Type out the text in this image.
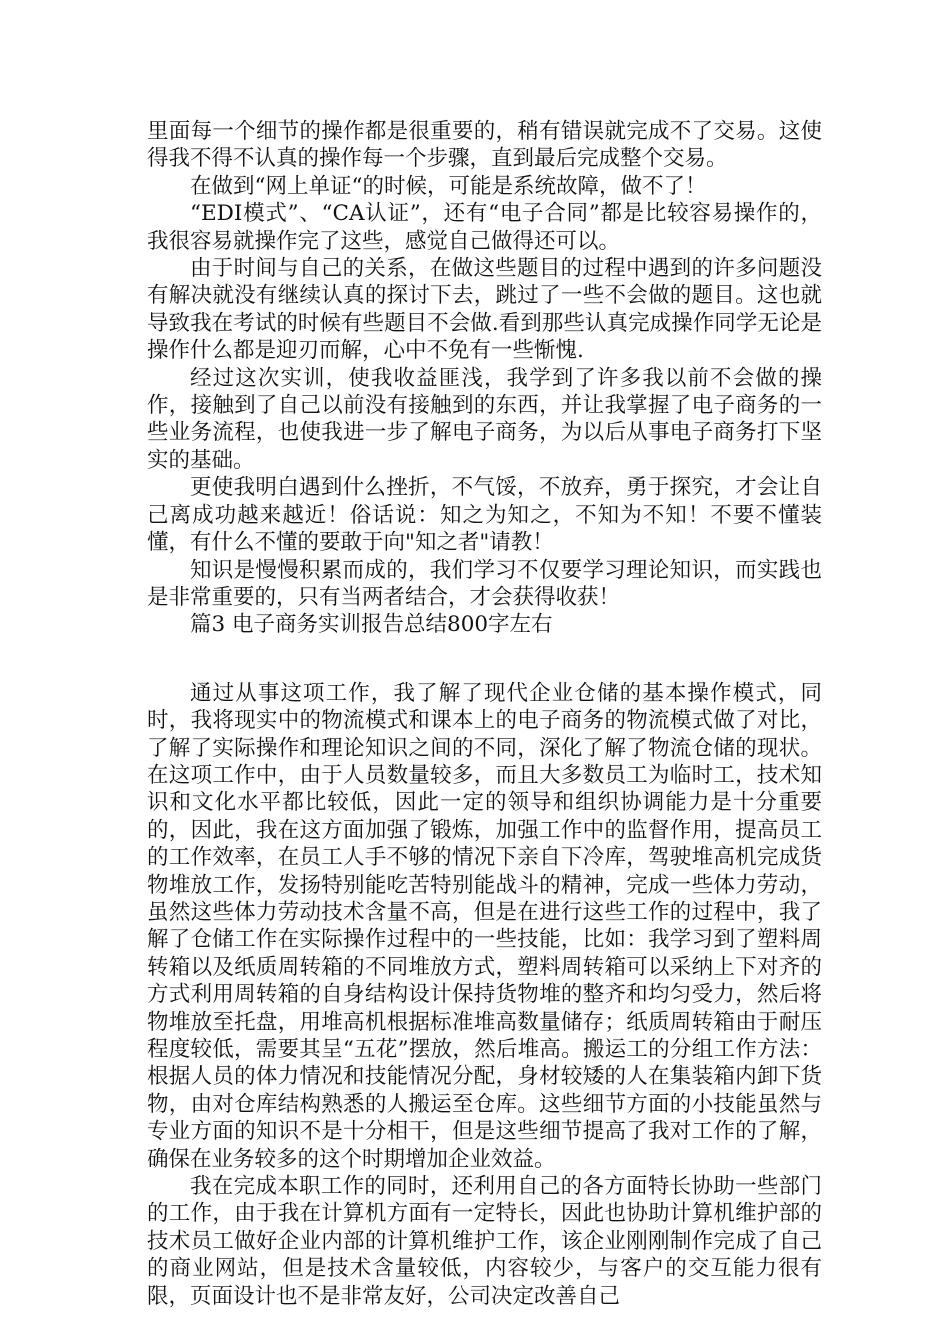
里面每一个细节的操作都是很重要的，稍有错误就完成不了交易。这使得我不得不认真的操作每一个步骤，直到最后完成整个交易。

在做到“网上单证“的时候，可能是系统故障，做不了！

“EDI模式”、“CA认证”，还有“电子合同”都是比较容易操作的，我很容易就操作完了这些，感觉自己做得还可以。

由于时间与自己的关系，在做这些题目的过程中遇到的许多问题没有解决就没有继续认真的探讨下去，跳过了一些不会做的题目。这也就导致我在考试的时候有些题目不会做.看到那些认真完成操作同学无论是操作什么都是迎刃而解，心中不免有一些惭愧.

经过这次实训，使我收益匪浅，我学到了许多我以前不会做的操作，接触到了自己以前没有接触到的东西，并让我掌握了电子商务的一些业务流程，也使我进一步了解电子商务，为以后从事电子商务打下坚实的基础。

更使我明白遇到什么挫折，不气馁，不放弃，勇于探究，才会让自己离成功越来越近！俗话说：知之为知之，不知为不知！不要不懂装懂，有什么不懂的要敢于向"知之者"请教！

知识是慢慢积累而成的，我们学习不仅要学习理论知识，而实践也是非常重要的，只有当两者结合，才会获得收获！

篇3 电子商务实训报告总结800字左右

通过从事这项工作，我了解了现代企业仓储的基本操作模式，同时，我将现实中的物流模式和课本上的电子商务的物流模式做了对比，了解了实际操作和理论知识之间的不同，深化了解了物流仓储的现状。在这项工作中，由于人员数量较多，而且大多数员工为临时工，技术知识和文化水平都比较低，因此一定的领导和组织协调能力是十分重要的，因此，我在这方面加强了锻炼，加强工作中的监督作用，提高员工的工作效率，在员工人手不够的情况下亲自下冷库，驾驶堆高机完成货物堆放工作，发扬特别能吃苦特别能战斗的精神，完成一些体力劳动，虽然这些体力劳动技术含量不高，但是在进行这些工作的过程中，我了解了仓储工作在实际操作过程中的一些技能，比如：我学习到了塑料周转箱以及纸质周转箱的不同堆放方式，塑料周转箱可以采纳上下对齐的方式利用周转箱的自身结构设计保持货物堆的整齐和均匀受力，然后将物堆放至托盘，用堆高机根据标准堆高数量储存；纸质周转箱由于耐压程度较低，需要其呈“五花”摆放，然后堆高。搬运工的分组工作方法：根据人员的体力情况和技能情况分配，身材较矮的人在集装箱内卸下货物，由对仓库结构熟悉的人搬运至仓库。这些细节方面的小技能虽然与专业方面的知识不是十分相干，但是这些细节提高了我对工作的了解，确保在业务较多的这个时期增加企业效益。

我在完成本职工作的同时，还利用自己的各方面特长协助一些部门的工作，由于我在计算机方面有一定特长，因此也协助计算机维护部的技术员工做好企业内部的计算机维护工作，该企业刚刚制作完成了自己的商业网站，但是技术含量较低，内容较少，与客户的交互能力很有限，页面设计也不是非常友好，公司决定改善自己
